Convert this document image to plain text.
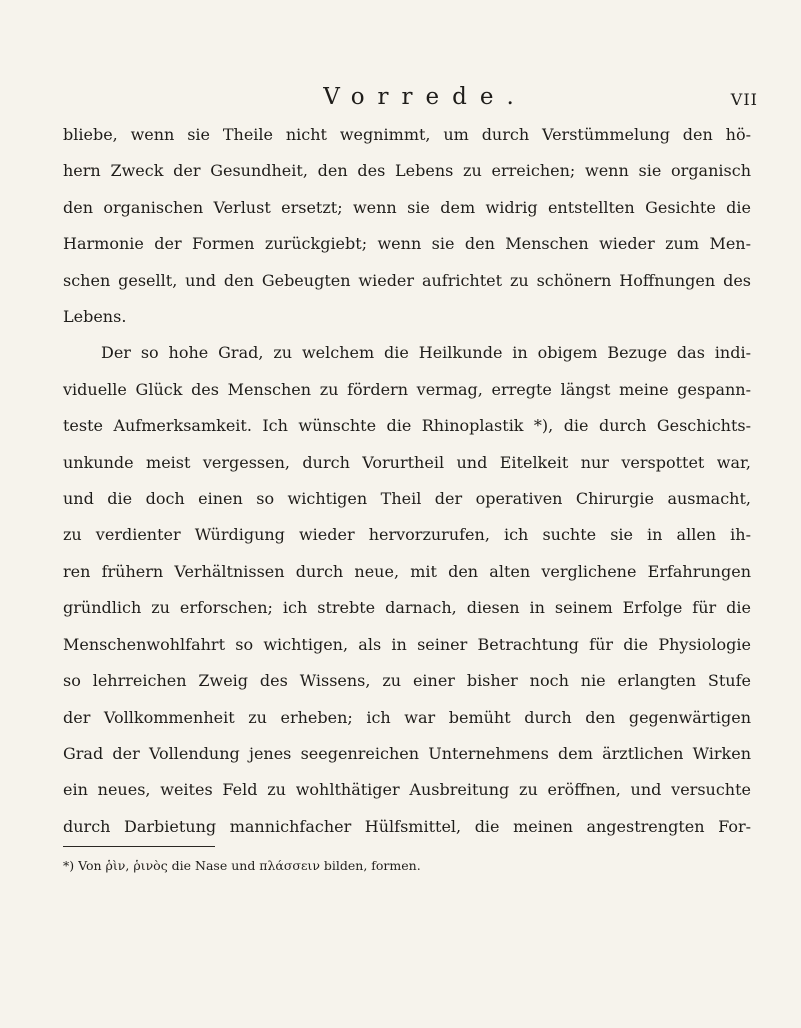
Vorrede.	VII
bliebe, wenn sie Theile nicht wegnimmt, um durch Verstümmelung den hö-
hern Zweck der Gesundheit, den des Lebens zu erreichen; wenn sie organisch
den organischen Verlust ersetzt; wenn sie dem widrig entstellten Gesichte die
Harmonie der Formen zurückgiebt; wenn sie den Menschen wieder zum Men-
schen gesellt, und den Gebeugten wieder aufrichtet zu schönern Hoffnungen des
Lebens.
Der so hohe Grad, zu welchem die Heilkunde in obigem Bezuge das indi-
viduelle Glück des Menschen zu fördern vermag, erregte längst meine gespann-
teste Aufmerksamkeit. Ich wünschte die Rhinoplastik *), die durch Geschichts-
unkunde meist vergessen, durch Vorurtheil und Eitelkeit nur verspottet war,
und die doch einen so wichtigen Theil der operativen Chirurgie ausmacht,
zu verdienter Würdigung wieder hervorzurufen, ich suchte sie in allen ih-
ren frühern Verhältnissen durch neue, mit den alten verglichene Erfahrungen
gründlich zu erforschen; ich strebte darnach, diesen in seinem Erfolge für die
Menschenwohlfahrt so wichtigen, als in seiner Betrachtung für die Physiologie
so lehrreichen Zweig des Wissens, zu einer bisher noch nie erlangten Stufe
der Vollkommenheit zu erheben; ich war bemüht durch den gegenwärtigen
Grad der Vollendung jenes seegenreichen Unternehmens dem ärztlichen Wirken
ein neues, weites Feld zu wohlthätiger Ausbreitung zu eröffnen, und versuchte
durch Darbietung mannichfacher Hülfsmittel, die meinen angestrengten For-
*) Von ῥὶν, ῥινὸς die Nase und πλάσσειν bilden, formen.
